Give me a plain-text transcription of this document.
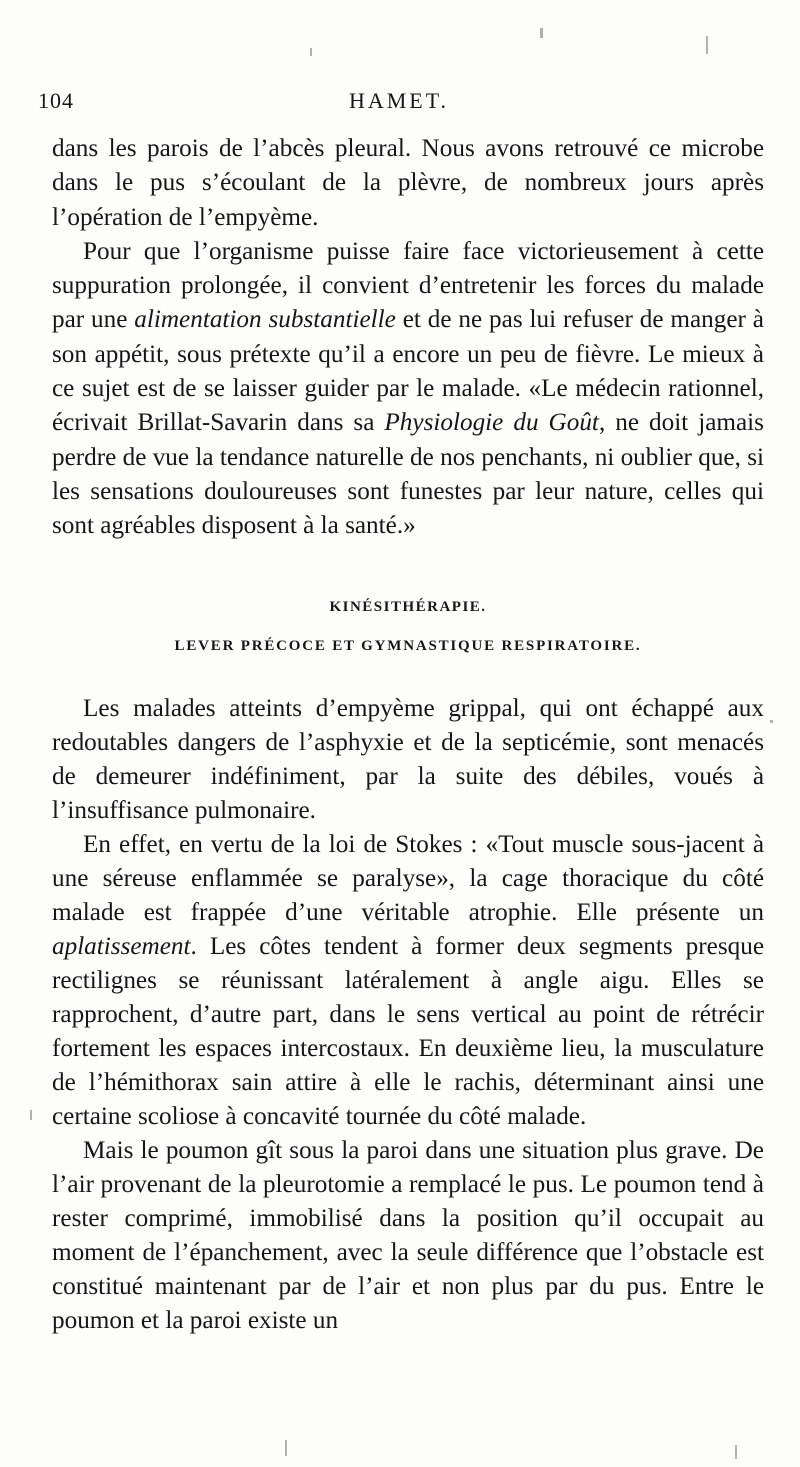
104	HAMET.

dans les parois de l’abcès pleural. Nous avons retrouvé ce microbe dans le pus s’écoulant de la plèvre, de nombreux jours après l’opération de l’empyème.

Pour que l’organisme puisse faire face victorieusement à cette suppuration prolongée, il convient d’entretenir les forces du malade par une alimentation substantielle et de ne pas lui refuser de manger à son appétit, sous prétexte qu’il a encore un peu de fièvre. Le mieux à ce sujet est de se laisser guider par le malade. «Le médecin rationnel, écrivait Brillat-Savarin dans sa Physiologie du Goût, ne doit jamais perdre de vue la tendance naturelle de nos penchants, ni oublier que, si les sensations douloureuses sont funestes par leur nature, celles qui sont agréables disposent à la santé.»

KINÉSITHÉRAPIE.
LEVER PRÉCOCE ET GYMNASTIQUE RESPIRATOIRE.

Les malades atteints d’empyème grippal, qui ont échappé aux redoutables dangers de l’asphyxie et de la septicémie, sont menacés de demeurer indéfiniment, par la suite des débiles, voués à l’insuffisance pulmonaire.

En effet, en vertu de la loi de Stokes : «Tout muscle sous-jacent à une séreuse enflammée se paralyse», la cage thoracique du côté malade est frappée d’une véritable atrophie. Elle présente un aplatissement. Les côtes tendent à former deux segments presque rectilignes se réunissant latéralement à angle aigu. Elles se rapprochent, d’autre part, dans le sens vertical au point de rétrécir fortement les espaces intercostaux. En deuxième lieu, la musculature de l’hémithorax sain attire à elle le rachis, déterminant ainsi une certaine scoliose à concavité tournée du côté malade.

Mais le poumon gît sous la paroi dans une situation plus grave. De l’air provenant de la pleurotomie a remplacé le pus. Le poumon tend à rester comprimé, immobilisé dans la position qu’il occupait au moment de l’épanchement, avec la seule différence que l’obstacle est constitué maintenant par de l’air et non plus par du pus. Entre le poumon et la paroi existe un
